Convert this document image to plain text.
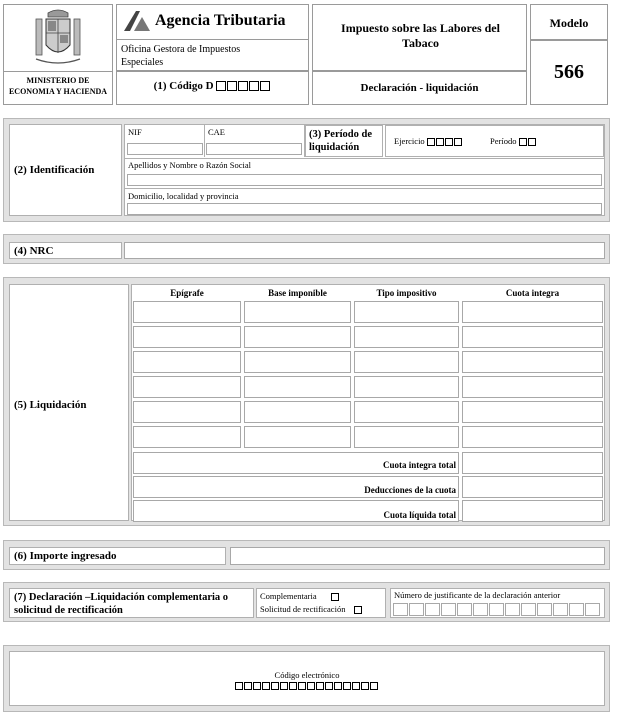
MINISTERIO DE ECONOMIA Y HACIENDA
Agencia Tributaria
Oficina Gestora de Impuestos Especiales
(1) Código D
Impuesto sobre las Labores del Tabaco
Declaración - liquidación
Modelo
566
(2) Identificación
NIF	CAE	(3) Período de liquidación
Ejercicio	Período
Apellidos y Nombre o Razón Social
Domicilio, localidad y provincia
(4) NRC
(5) Liquidación
Epígrafe	Base imponible	Tipo impositivo	Cuota integra
Cuota integra total
Deducciones de la cuota
Cuota líquida total
(6) Importe ingresado
(7) Declaración –Liquidación complementaria o solicitud de rectificación
Complementaria
Solicitud de rectificación
Número de justificante de la declaración anterior
Código electrónico
